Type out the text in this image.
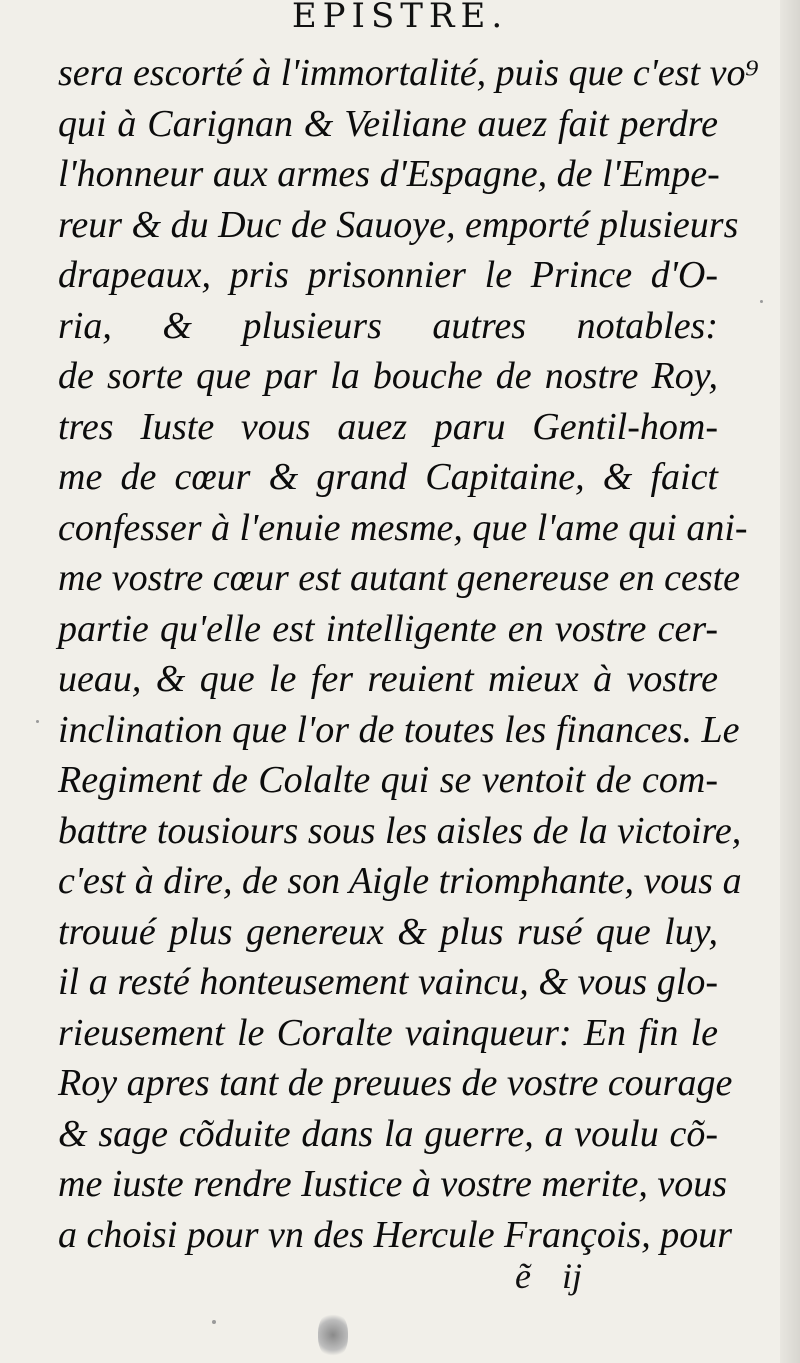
EPISTRE.
sera escorté à l'immortalité, puis que c'est vo⁹
qui à Carignan & Veiliane auez fait perdre
l'honneur aux armes d'Espagne, de l'Empe-
reur & du Duc de Sauoye, emporté plusieurs
drapeaux, pris prisonnier le Prince d'O-
ria, & plusieurs autres notables:
de sorte que par la bouche de nostre Roy,
tres Iuste vous auez paru Gentil-hom-
me de cœur & grand Capitaine, & faict
confesser à l'enuie mesme, que l'ame qui ani-
me vostre cœur est autant genereuse en ceste
partie qu'elle est intelligente en vostre cer-
ueau, & que le fer reuient mieux à vostre
inclination que l'or de toutes les finances. Le
Regiment de Colalte qui se ventoit de com-
battre tousiours sous les aisles de la victoire,
c'est à dire, de son Aigle triomphante, vous a
trouué plus genereux & plus rusé que luy,
il a resté honteusement vaincu, & vous glo-
rieusement le Coralte vainqueur: En fin le
Roy apres tant de preuues de vostre courage
& sage cõduite dans la guerre, a voulu cõ-
me iuste rendre Iustice à vostre merite, vous
a choisi pour vn des Hercule François, pour
ẽ ij
